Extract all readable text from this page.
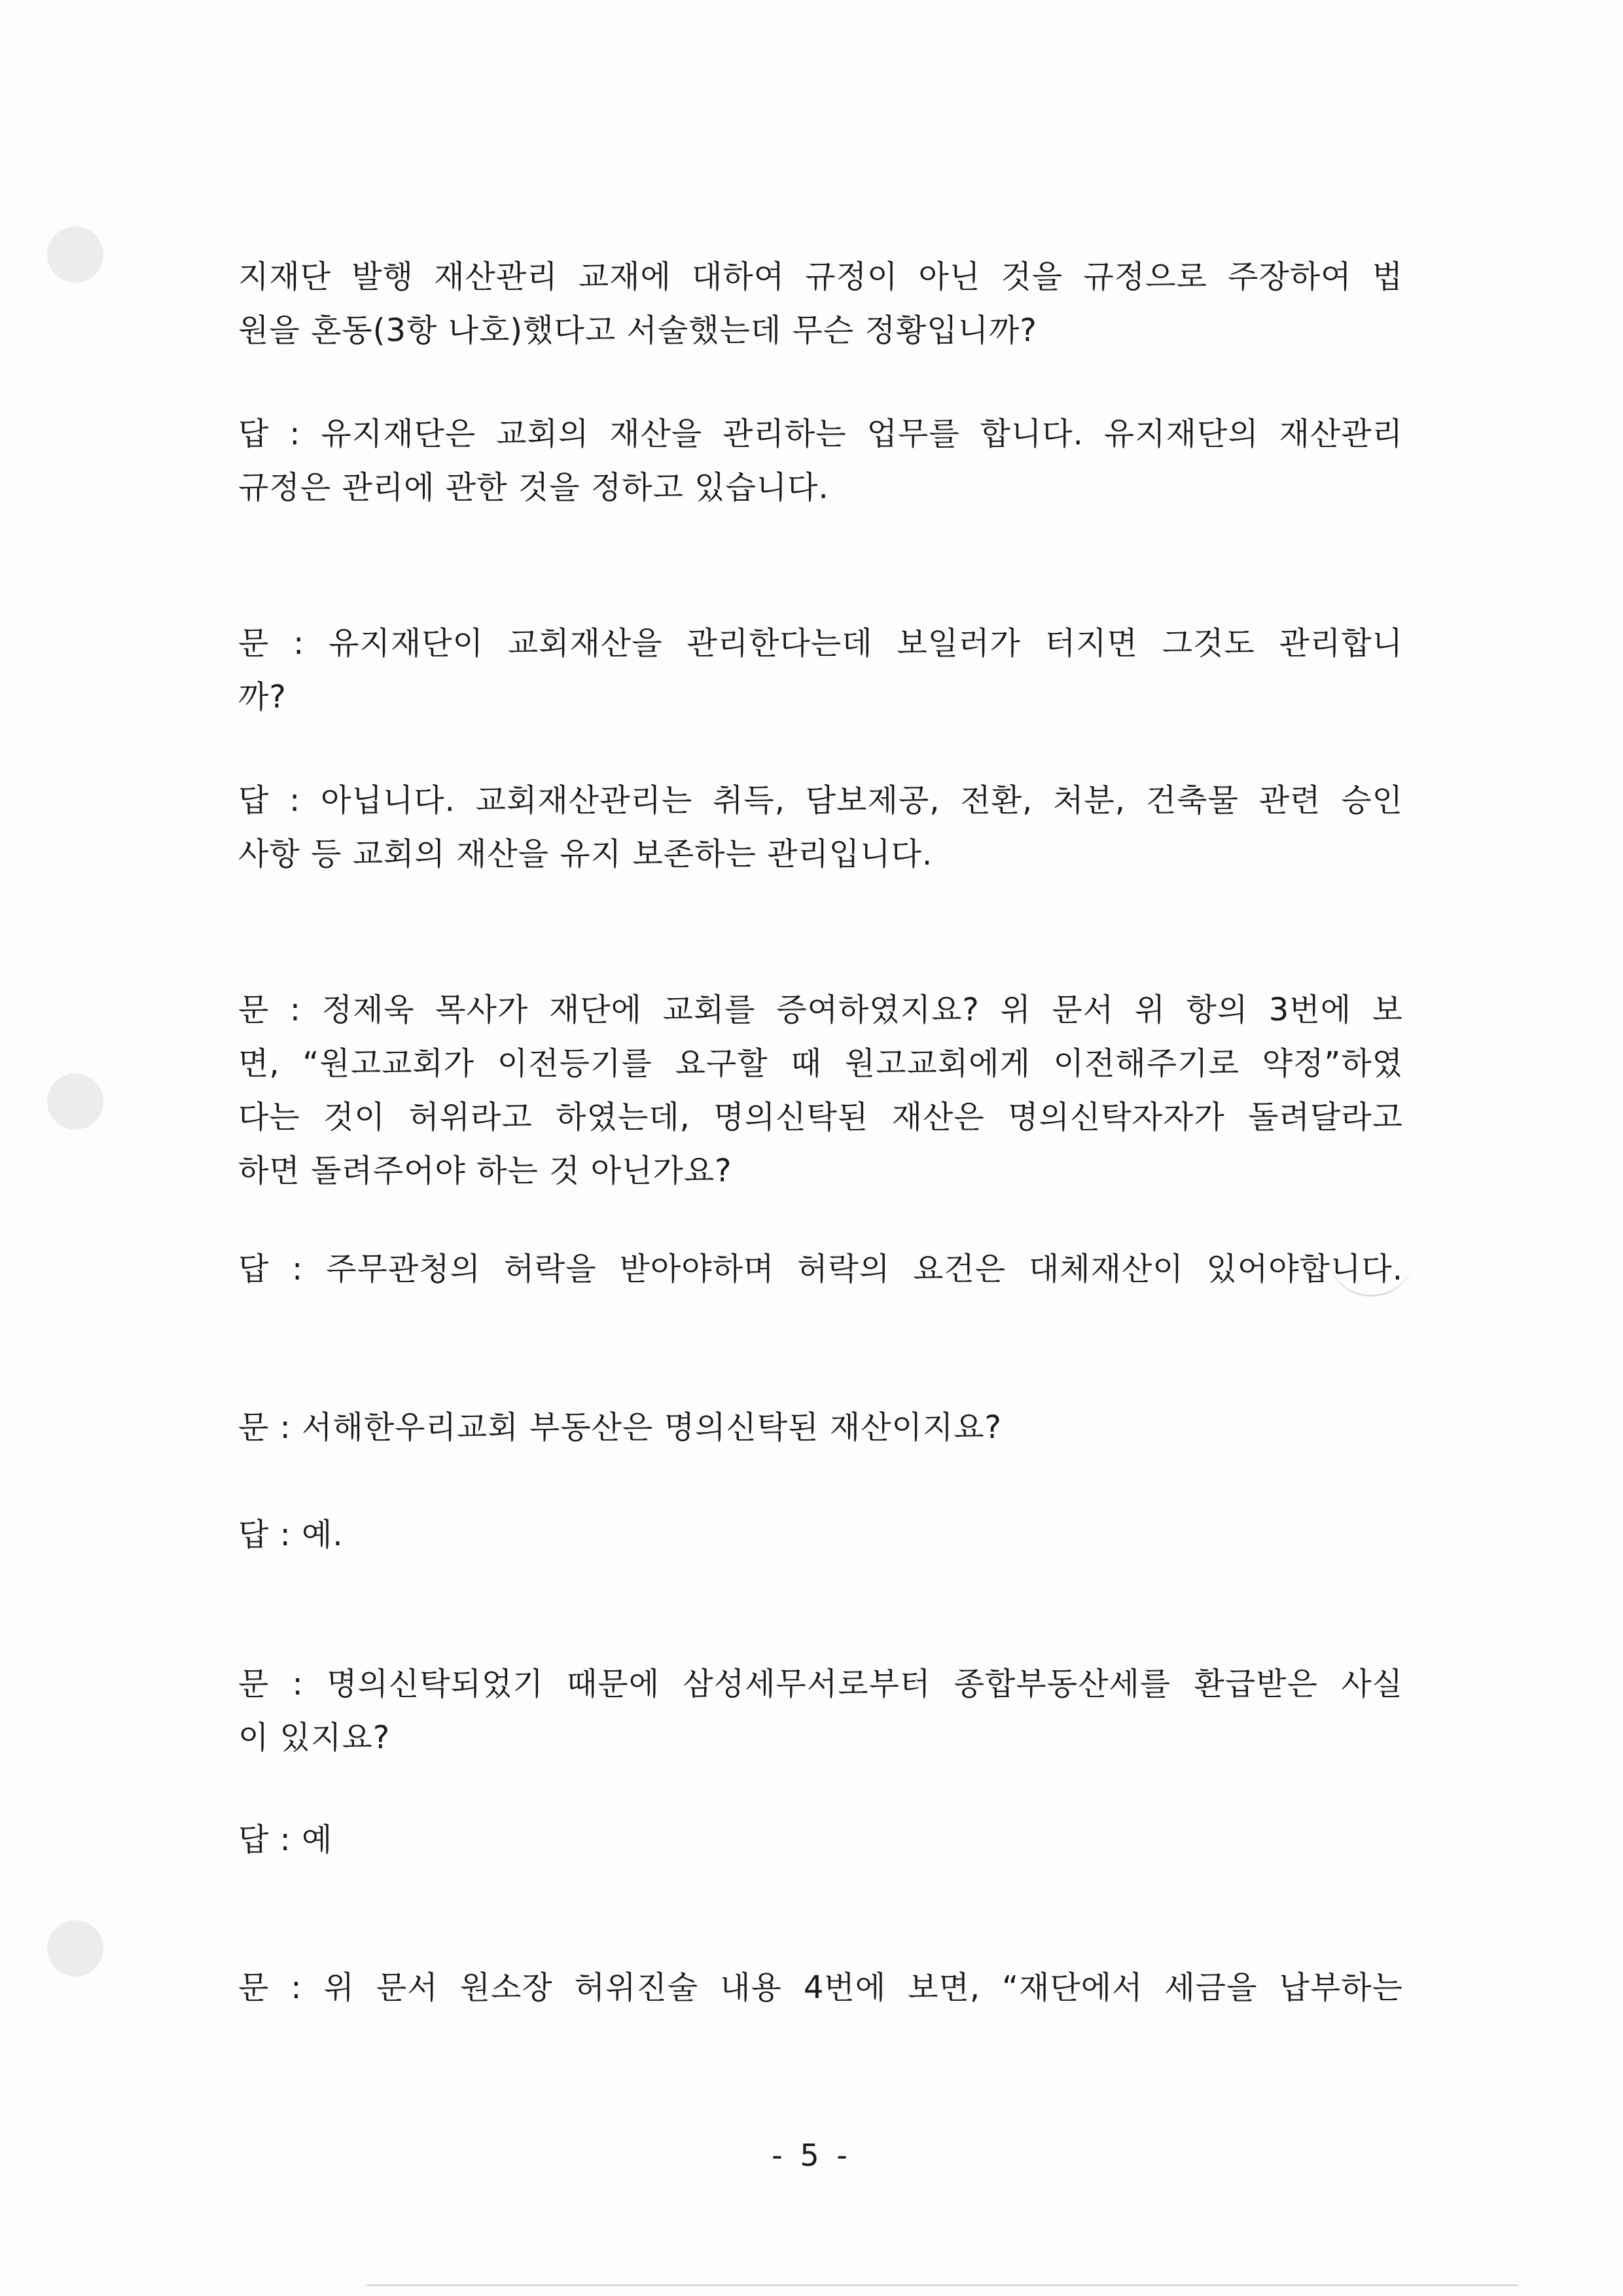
지재단 발행 재산관리 교재에 대하여 규정이 아닌 것을 규정으로 주장하여 법
원을 혼동(3항 나호)했다고 서술했는데 무슨 정황입니까?
답 : 유지재단은 교회의 재산을 관리하는 업무를 합니다. 유지재단의 재산관리
규정은 관리에 관한 것을 정하고 있습니다.
문 : 유지재단이 교회재산을 관리한다는데 보일러가 터지면 그것도 관리합니
까?
답 : 아닙니다. 교회재산관리는 취득, 담보제공, 전환, 처분, 건축물 관련 승인
사항 등 교회의 재산을 유지 보존하는 관리입니다.
문 : 정제욱 목사가 재단에 교회를 증여하였지요? 위 문서 위 항의 3번에 보
면, “원고교회가 이전등기를 요구할 때 원고교회에게 이전해주기로 약정”하였
다는 것이 허위라고 하였는데, 명의신탁된 재산은 명의신탁자자가 돌려달라고
하면 돌려주어야 하는 것 아닌가요?
답 : 주무관청의 허락을 받아야하며 허락의 요건은 대체재산이 있어야합니다.
문 : 서해한우리교회 부동산은 명의신탁된 재산이지요?
답 : 예.
문 : 명의신탁되었기 때문에 삼성세무서로부터 종합부동산세를 환급받은 사실
이 있지요?
답 : 예
문 : 위 문서 원소장 허위진술 내용 4번에 보면, “재단에서 세금을 납부하는
- 5 -
